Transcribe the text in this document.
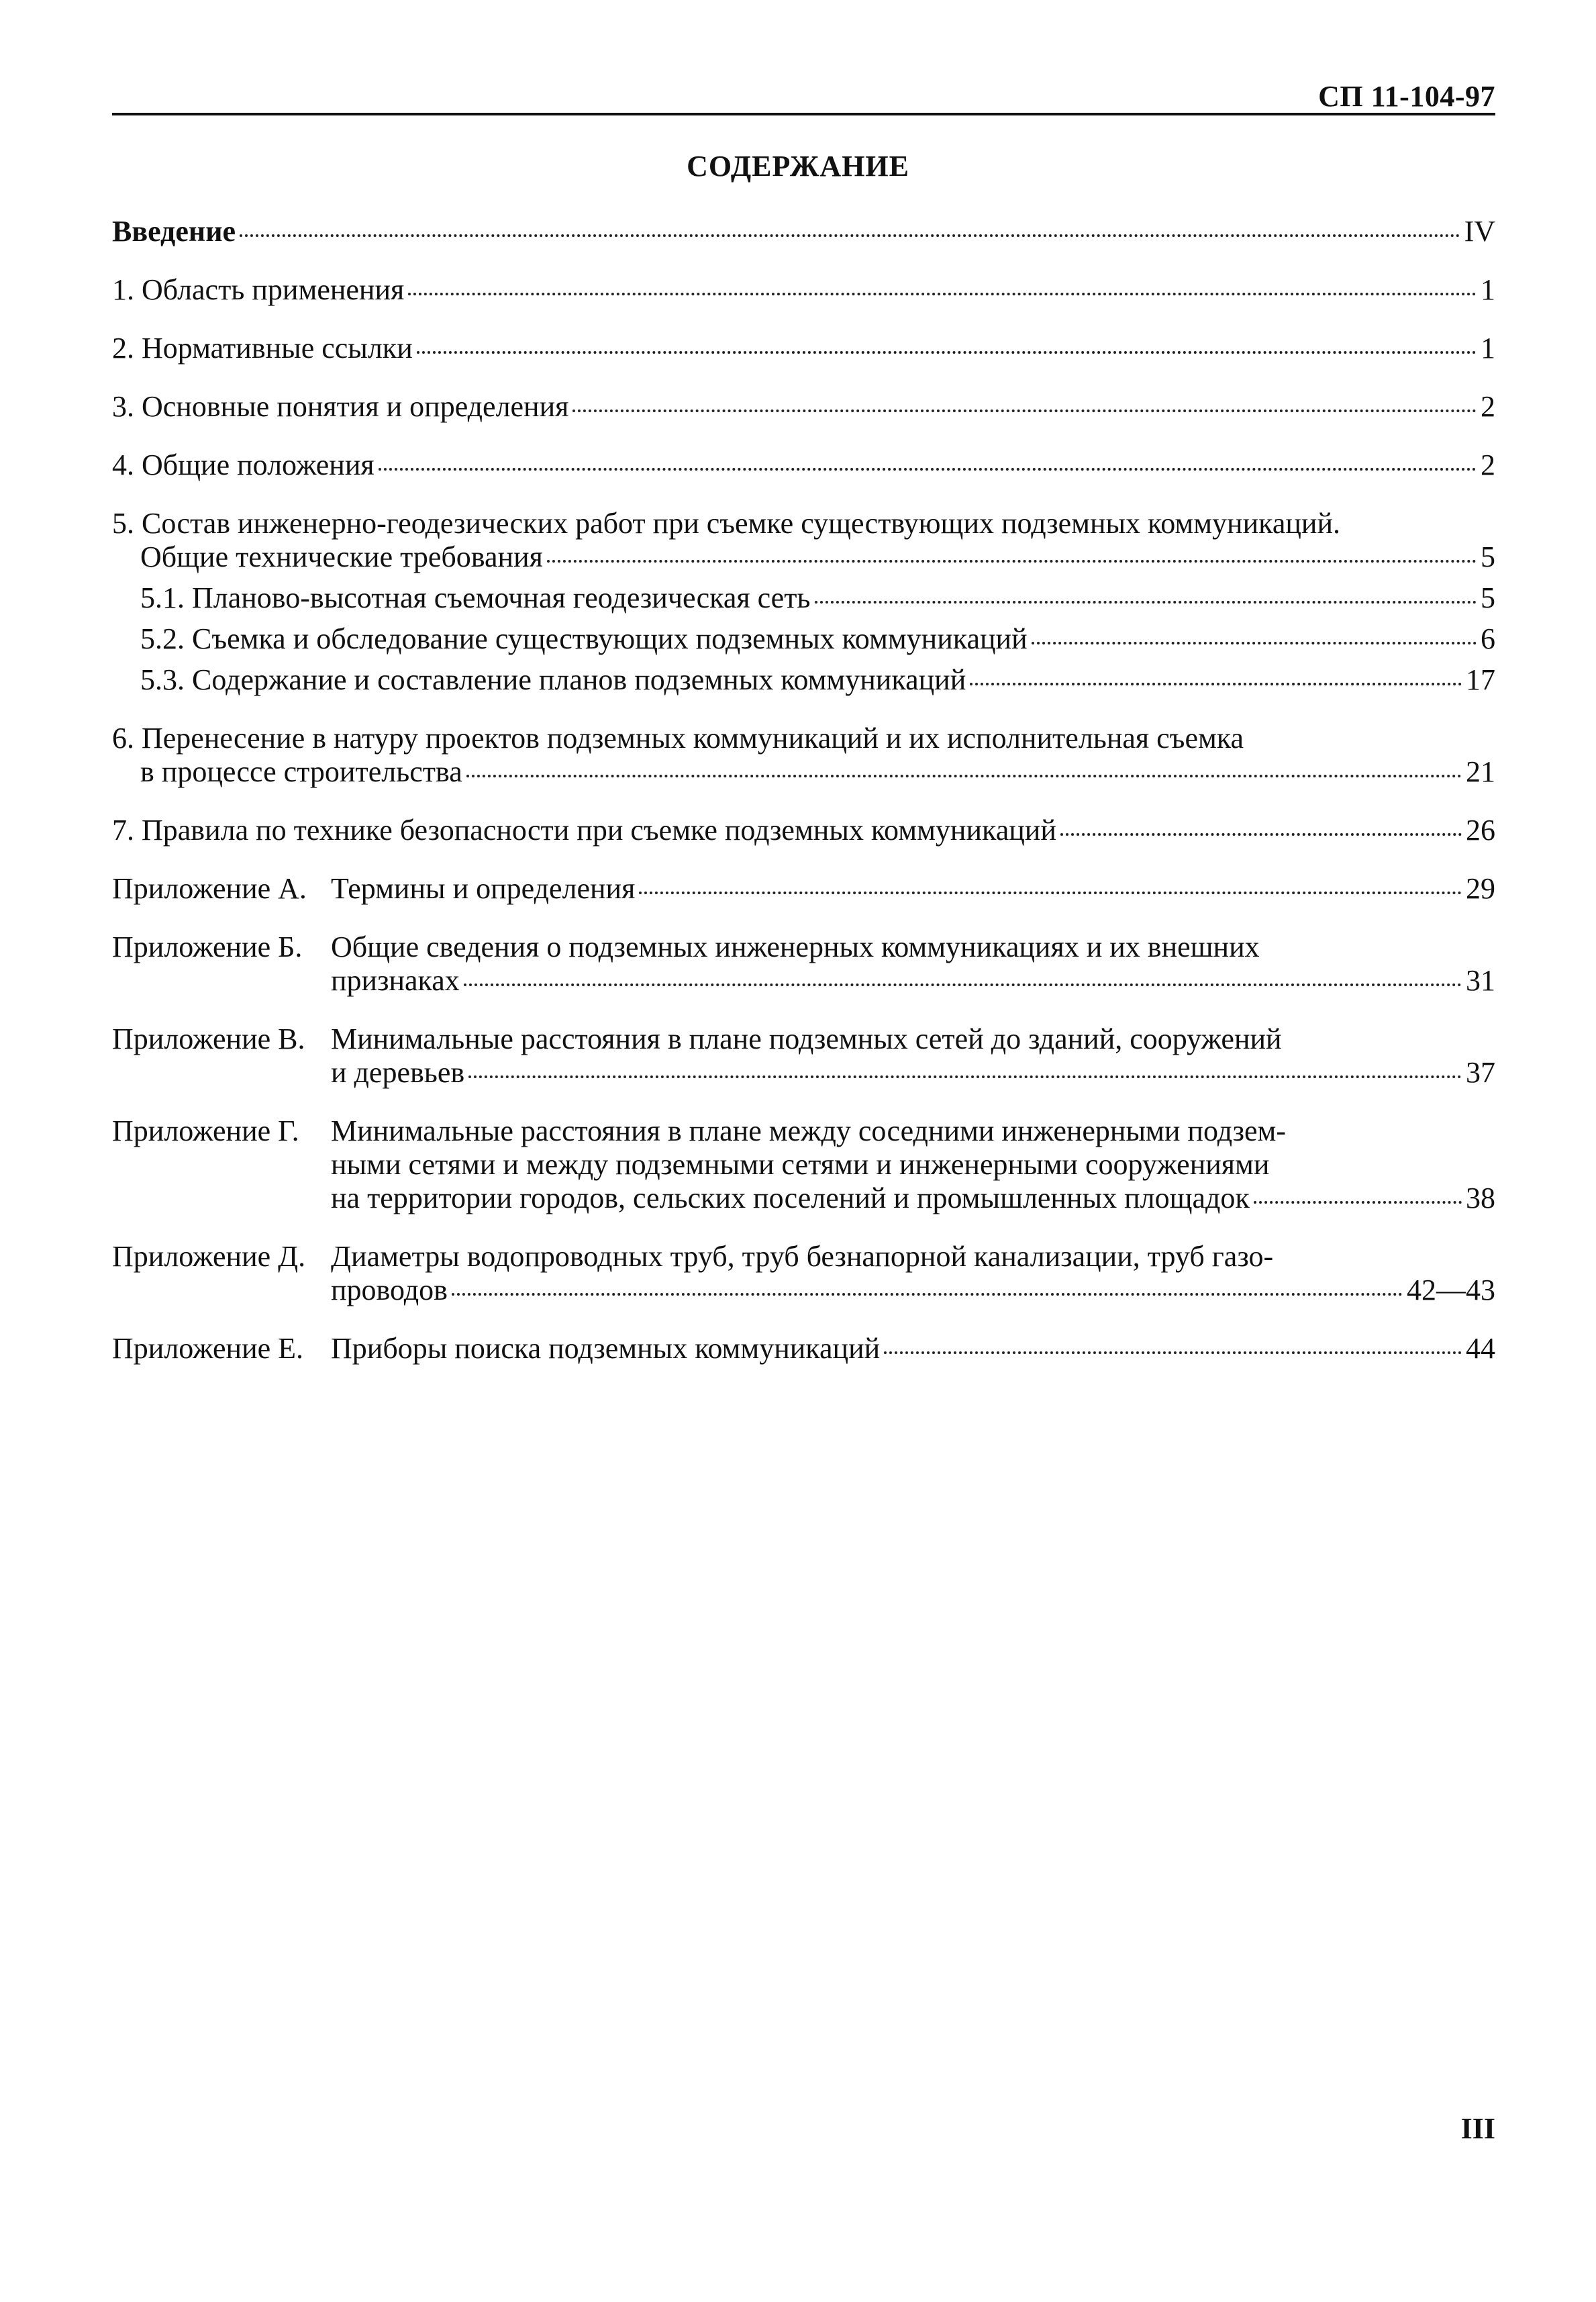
СП 11-104-97
СОДЕРЖАНИЕ
Введение	IV
1. Область применения	1
2. Нормативные ссылки	1
3. Основные понятия и определения	2
4. Общие положения	2
5. Состав инженерно-геодезических работ при съемке существующих подземных коммуникаций.
Общие технические требования	5
5.1. Планово-высотная съемочная геодезическая сеть	5
5.2. Съемка и обследование существующих подземных коммуникаций	6
5.3. Содержание и составление планов подземных коммуникаций	17
6. Перенесение в натуру проектов подземных коммуникаций и их исполнительная съемка
в процессе строительства	21
7. Правила по технике безопасности при съемке подземных коммуникаций	26
Приложение А. Термины и определения	29
Приложение Б. Общие сведения о подземных инженерных коммуникациях и их внешних
признаках	31
Приложение В. Минимальные расстояния в плане подземных сетей до зданий, сооружений
и деревьев	37
Приложение Г.	Минимальные расстояния в плане между соседними инженерными подзем-
ными сетями и между подземными сетями и инженерными сооружениями
на территории городов, сельских поселений и промышленных площадок	38
Приложение Д. Диаметры водопроводных труб, труб безнапорной канализации, труб газо-
проводов	42—43
Приложение Е. Приборы поиска подземных коммуникаций	44
III
